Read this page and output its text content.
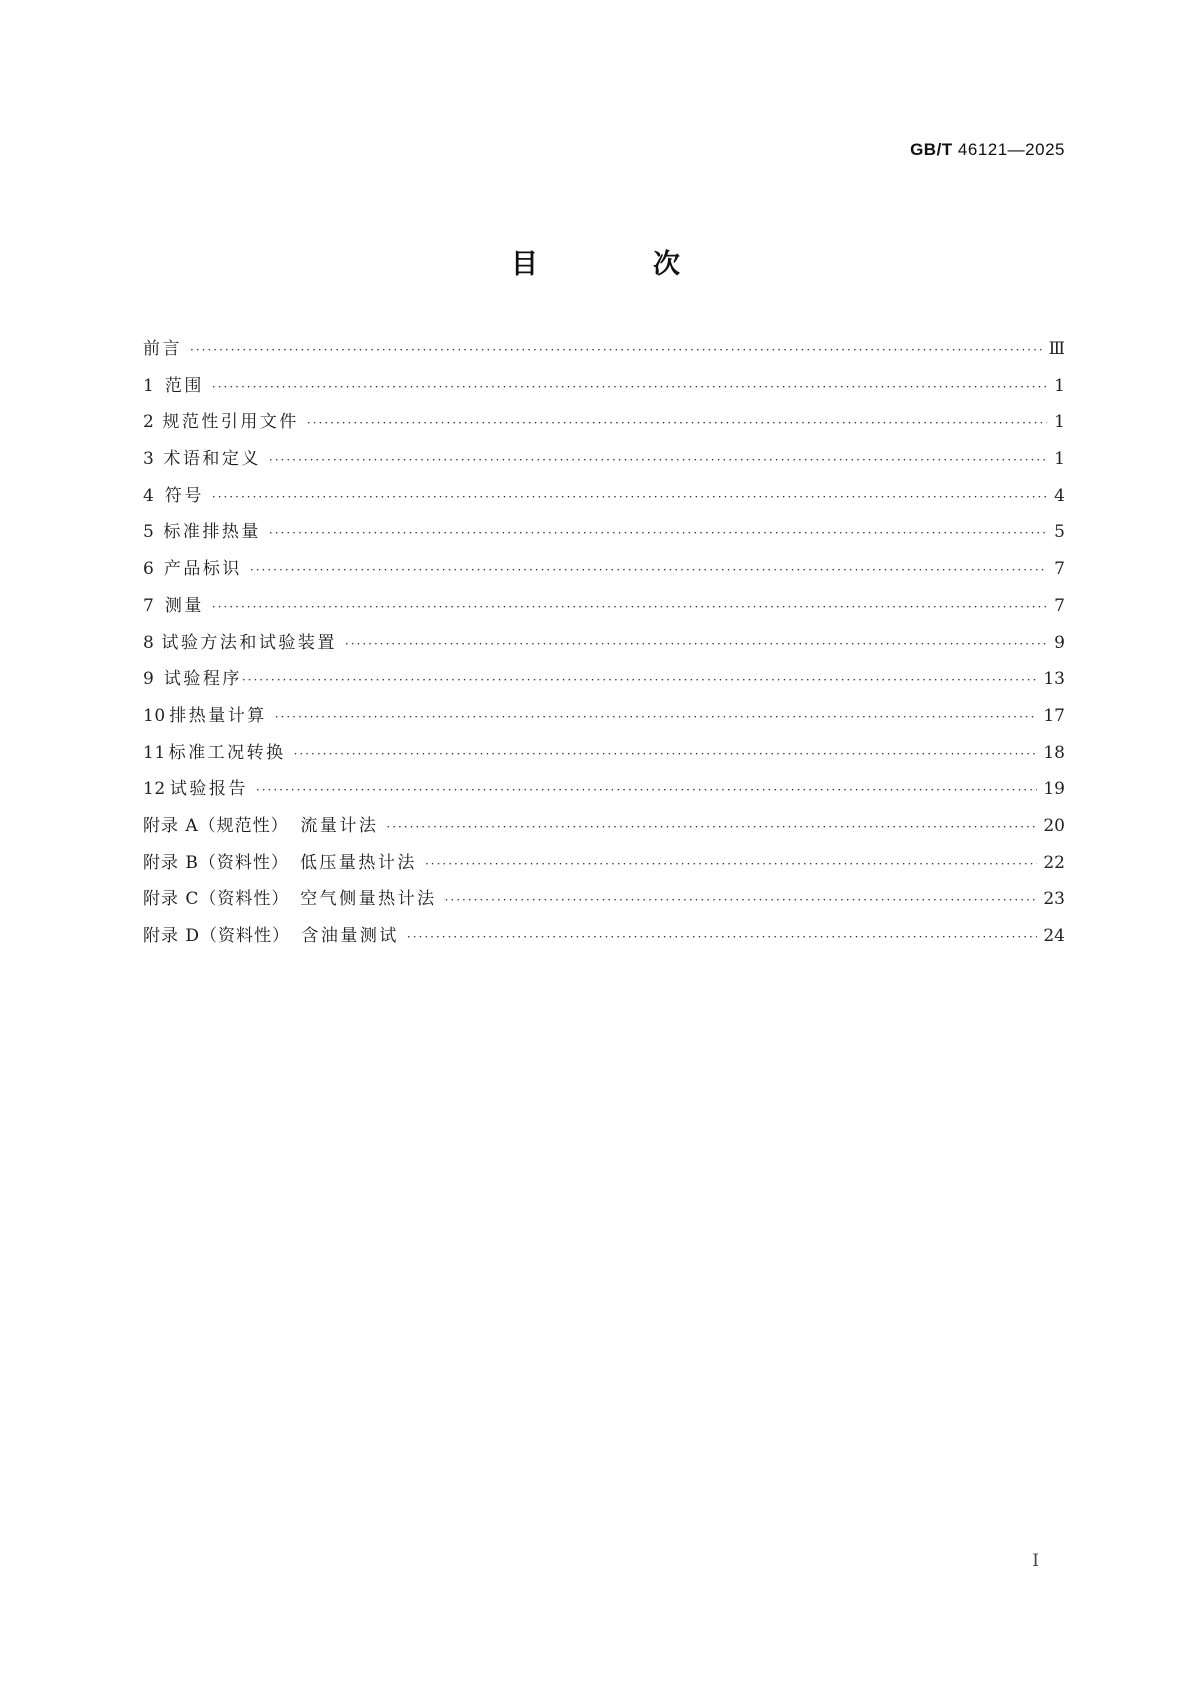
GB/T 46121—2025
目　次
前言 ·····	Ⅲ
1 范围 ·····	1
2 规范性引用文件 ·····	1
3 术语和定义 ·····	1
4 符号 ·····	4
5 标准排热量 ·····	5
6 产品标识 ·····	7
7 测量 ·····	7
8 试验方法和试验装置 ·····	9
9 试验程序 ·····	13
10 排热量计算 ·····	17
11 标准工况转换 ·····	18
12 试验报告 ·····	19
附录 A（规范性） 流量计法 ·····	20
附录 B（资料性） 低压量热计法 ·····	22
附录 C（资料性） 空气侧量热计法 ·····	23
附录 D（资料性） 含油量测试 ·····	24
Ⅰ
